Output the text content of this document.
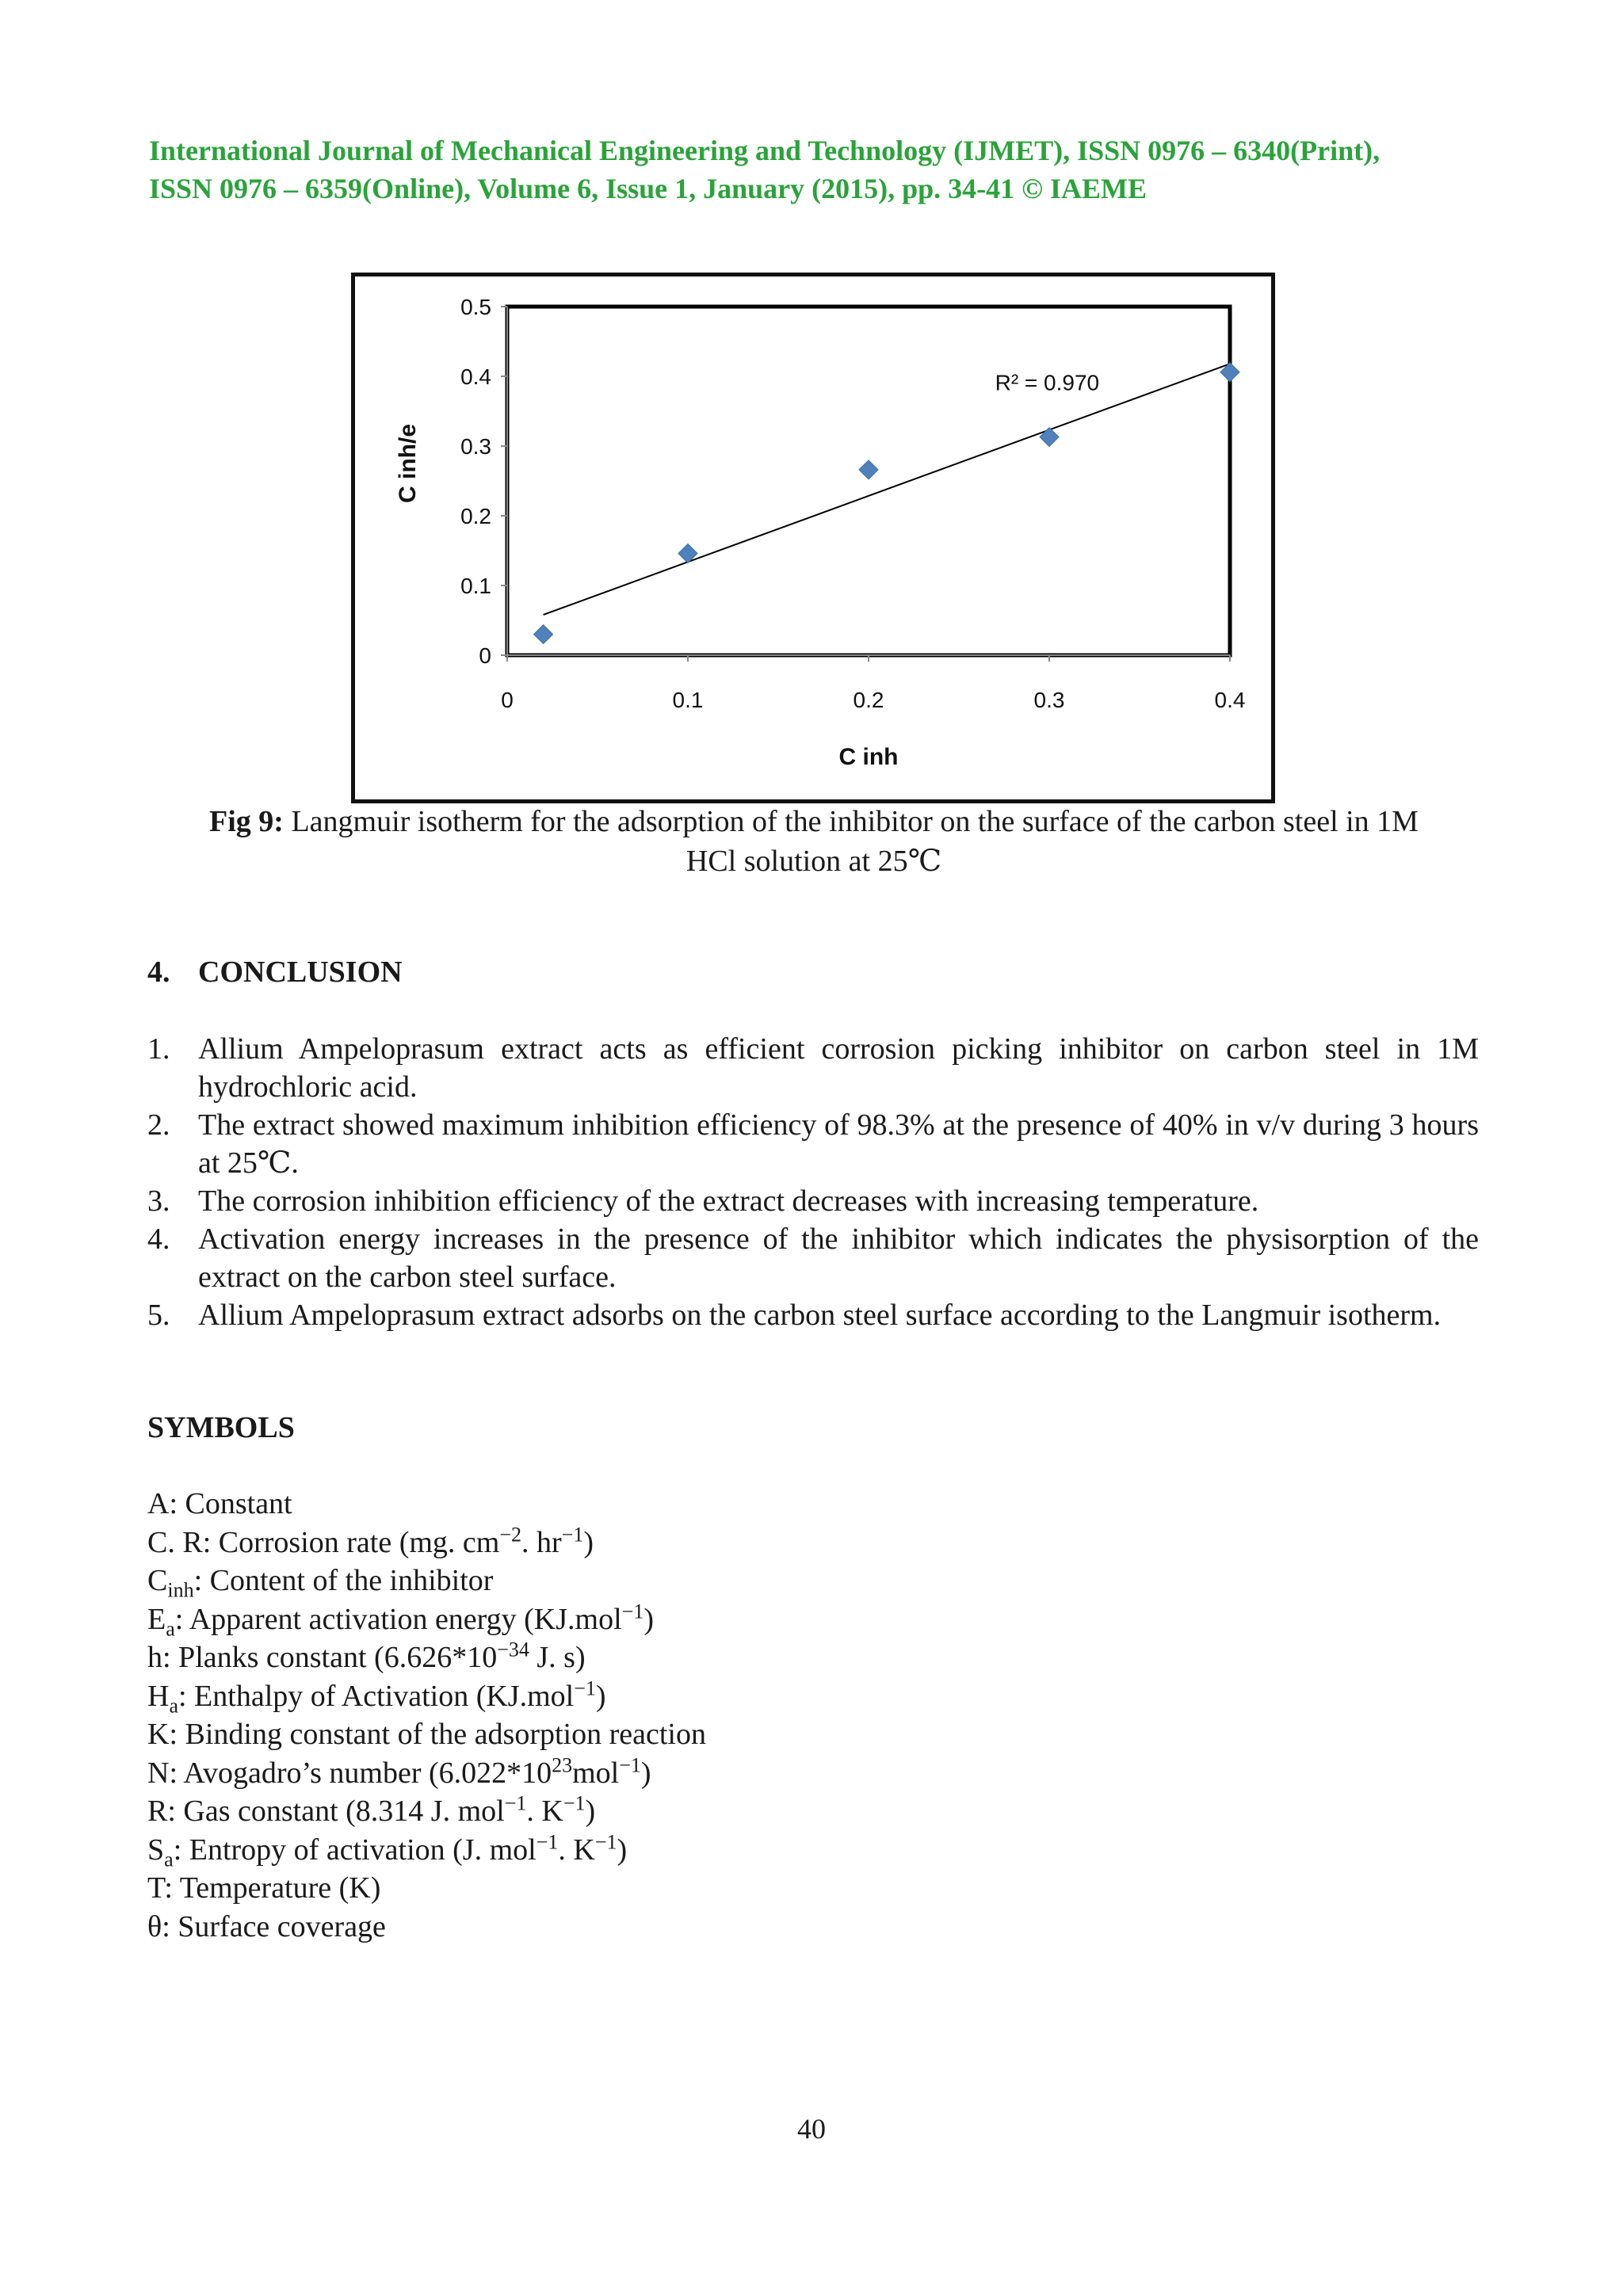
International Journal of Mechanical Engineering and Technology (IJMET), ISSN 0976 – 6340(Print),
ISSN 0976 – 6359(Online), Volume 6, Issue 1, January (2015), pp. 34-41 © IAEME
0
0.1
0.2
0.3
0.4
0.5
0	0.1	0.2	0.3	0.4
C inh
C inh/e
R² = 0.970
Fig 9: Langmuir isotherm for the adsorption of the inhibitor on the surface of the carbon steel in 1M
HCl solution at 25℃
4. CONCLUSION
1. Allium Ampeloprasum extract acts as efficient corrosion picking inhibitor on carbon steel in 1M hydrochloric acid.
2. The extract showed maximum inhibition efficiency of 98.3% at the presence of 40% in v/v during 3 hours at 25℃.
3. The corrosion inhibition efficiency of the extract decreases with increasing temperature.
4. Activation energy increases in the presence of the inhibitor which indicates the physisorption of the extract on the carbon steel surface.
5. Allium Ampeloprasum extract adsorbs on the carbon steel surface according to the Langmuir isotherm.
SYMBOLS
A: Constant
C. R: Corrosion rate (mg. $cm^{-2}$. $hr^{-1}$)
$C_{inh}$: Content of the inhibitor
$E_a$: Apparent activation energy (KJ.mol$^{-1}$)
h: Planks constant ($6.626*10^{-34}$ J. s)
$H_a$: Enthalpy of Activation (KJ.mol$^{-1}$)
K: Binding constant of the adsorption reaction
N: Avogadro’s number $(6.022*10^{23}mol^{-1})$
R: Gas constant (8.314 J. mol$^{-1}$. $K^{-1}$)
$S_a$: Entropy of activation (J. mol$^{-1}$. $K^{-1}$)
T: Temperature (K)
θ: Surface coverage
40
